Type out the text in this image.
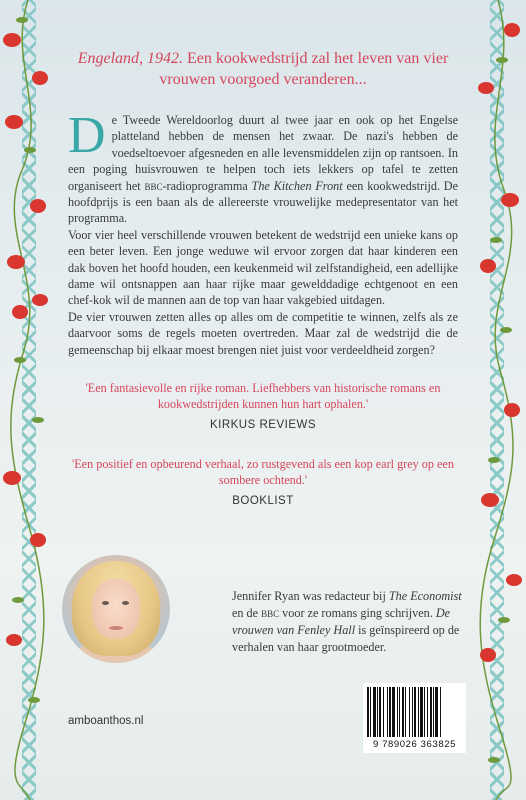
Engeland, 1942. Een kookwedstrijd zal het leven van vier vrouwen voorgoed veranderen...

De Tweede Wereldoorlog duurt al twee jaar en ook op het Engelse platteland hebben de mensen het zwaar. De nazi's hebben de voedseltoevoer afgesneden en alle levensmiddelen zijn op rantsoen. In een poging huisvrouwen te helpen toch iets lekkers op tafel te zetten organiseert het bbc-radioprogramma The Kitchen Front een kookwedstrijd. De hoofdprijs is een baan als de allereerste vrouwelijke medepresentator van het programma.

Voor vier heel verschillende vrouwen betekent de wedstrijd een unieke kans op een beter leven. Een jonge weduwe wil ervoor zorgen dat haar kinderen een dak boven het hoofd houden, een keukenmeid wil zelfstandigheid, een adellijke dame wil ontsnappen aan haar rijke maar gewelddadige echtgenoot en een chef-kok wil de mannen aan de top van haar vakgebied uitdagen.

De vier vrouwen zetten alles op alles om de competitie te winnen, zelfs als ze daarvoor soms de regels moeten overtreden. Maar zal de wedstrijd die de gemeenschap bij elkaar moest brengen niet juist voor verdeeldheid zorgen?

'Een fantasievolle en rijke roman. Liefhebbers van historische romans en kookwedstrijden kunnen hun hart ophalen.'
KIRKUS REVIEWS
'Een positief en opbeurend verhaal, zo rustgevend als een kop earl grey op een sombere ochtend.'
BOOKLIST
Jennifer Ryan was redacteur bij The Economist en de bbc voor ze romans ging schrijven. De vrouwen van Fenley Hall is geïnspireerd op de verhalen van haar grootmoeder.
9 789026 363825
amboanthos.nl
